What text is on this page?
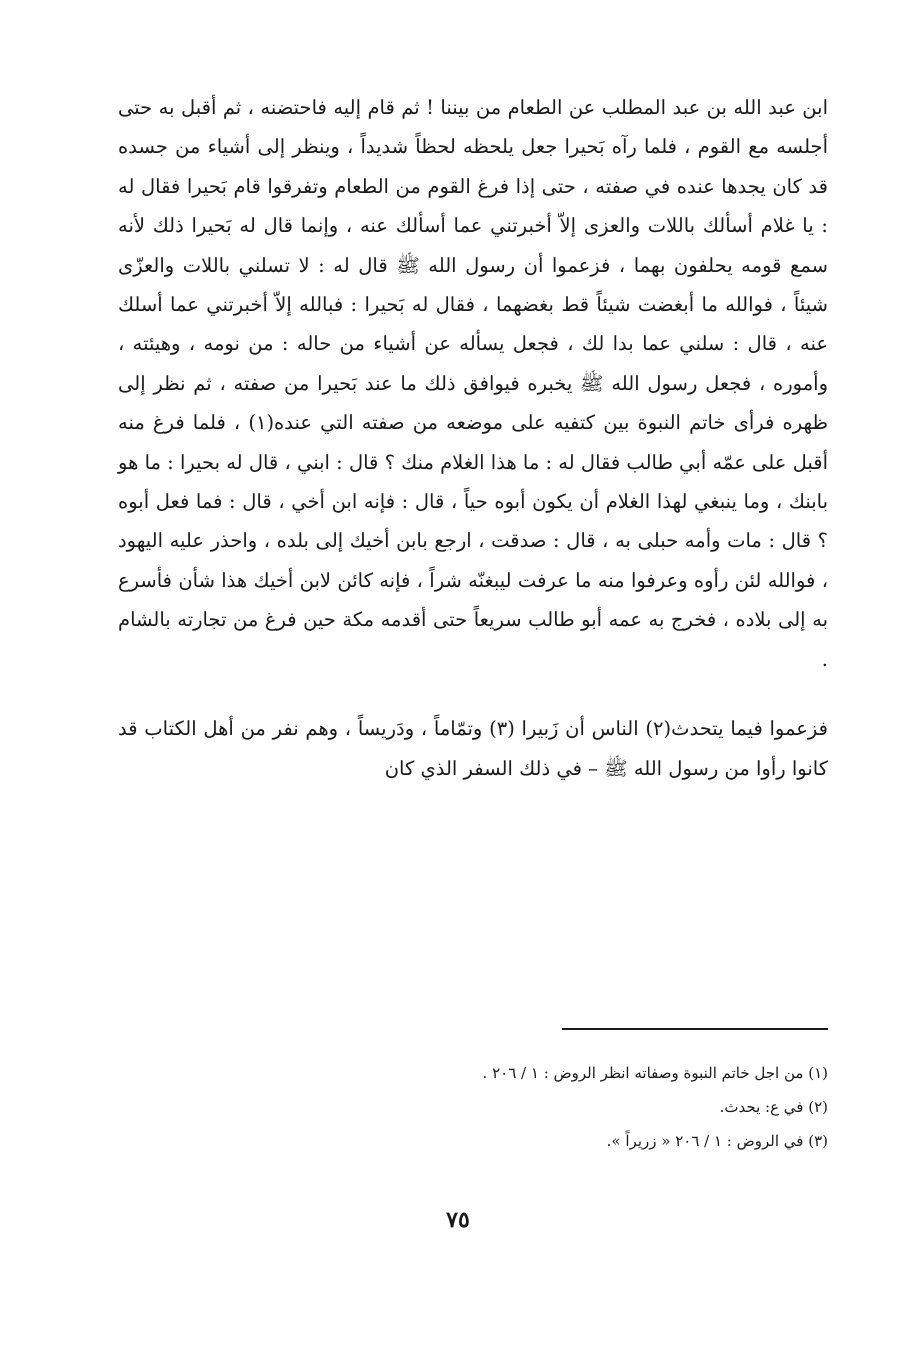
ابن عبد الله بن عبد المطلب عن الطعام من بيننا ! ثم قام إليه فاحتضنه ، ثم أقبل به حتى أجلسه مع القوم ، فلما رآه بَحيرا جعل يلحظه لحظاً شديداً ، وينظر إلى أشياء من جسده قد كان يجدها عنده في صفته ، حتى إذا فرغ القوم من الطعام وتفرقوا قام بَحيرا فقال له : يا غلام أسألك باللات والعزى إلاّ أخبرتني عما أسألك عنه ، وإنما قال له بَحيرا ذلك لأنه سمع قومه يحلفون بهما ، فزعموا أن رسول الله ﷺ قال له : لا تسلني باللات والعزّى شيئاً ، فوالله ما أبغضت شيئاً قط بغضهما ، فقال له بَحيرا : فبالله إلاّ أخبرتني عما أسلك عنه ، قال : سلني عما بدا لك ، فجعل يسأله عن أشياء من حاله : من نومه ، وهيئته ، وأموره ، فجعل رسول الله ﷺ يخبره فيوافق ذلك ما عند بَحيرا من صفته ، ثم نظر إلى ظهره فرأى خاتم النبوة بين كتفيه على موضعه من صفته التي عنده(١) ، فلما فرغ منه أقبل على عمّه أبي طالب فقال له : ما هذا الغلام منك ؟ قال : ابني ، قال له بحيرا : ما هو بابنك ، وما ينبغي لهذا الغلام أن يكون أبوه حياً ، قال : فإنه ابن أخي ، قال : فما فعل أبوه ؟ قال : مات وأمه حبلى به ، قال : صدقت ، ارجع بابن أخيك إلى بلده ، واحذر عليه اليهود ، فوالله لئن رأوه وعرفوا منه ما عرفت ليبغنّه شراً ، فإنه كائن لابن أخيك هذا شأن فأسرع به إلى بلاده ، فخرج به عمه أبو طالب سريعاً حتى أقدمه مكة حين فرغ من تجارته بالشام .

فزعموا فيما يتحدث(٢) الناس أن زَبيرا (٣) وتمّاماً ، ودَريساً ، وهم نفر من أهل الكتاب قد كانوا رأوا من رسول الله ﷺ – في ذلك السفر الذي كان

(١) من اجل خاتم النبوة وصفاته انظر الروض : ١ / ٢٠٦ .

(٢) في ع: يحدث.

(٣) في الروض : ١ / ٢٠٦ « زريراً ».

٧٥
